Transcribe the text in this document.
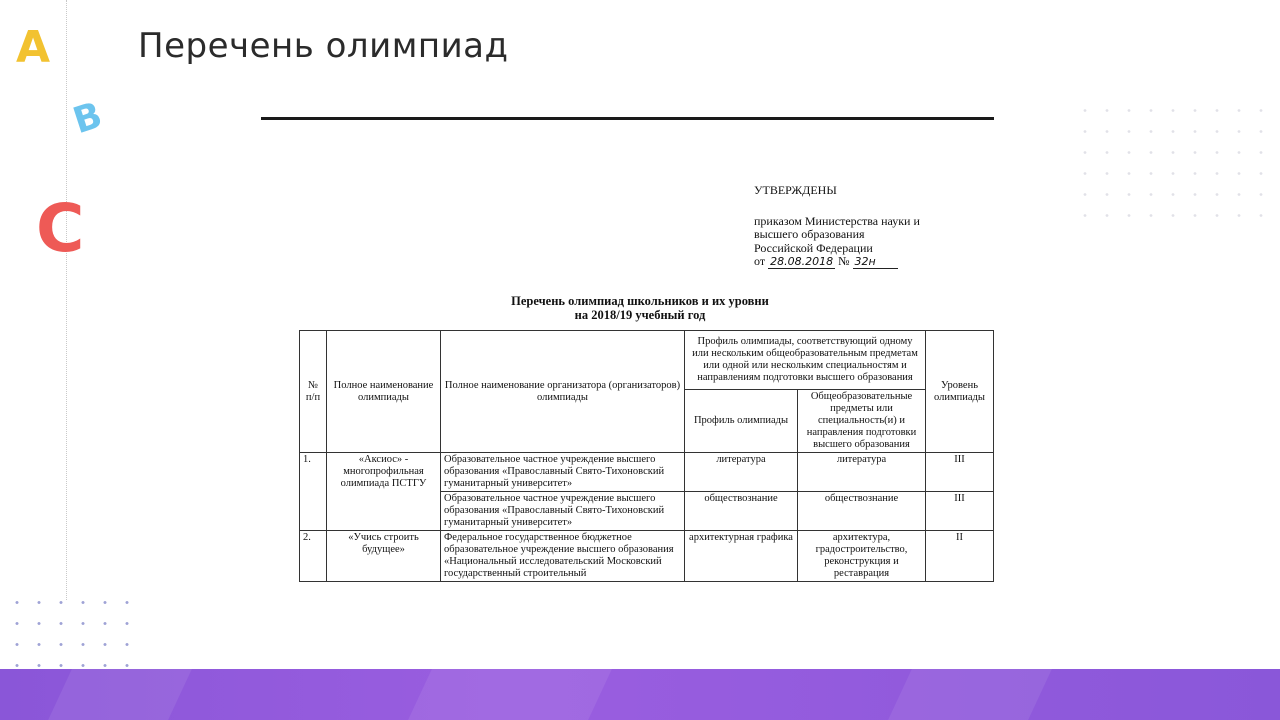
A
B
C
Перечень олимпиад
УТВЕРЖДЕНЫ
приказом Министерства науки и
высшего образования
Российской Федерации
от 28.08.2018 № 32н
Перечень олимпиад школьников и их уровни
на 2018/19 учебный год
№ п/п	Полное наименование олимпиады	Полное наименование организатора (организаторов) олимпиады	Профиль олимпиады, соответствующий одному или нескольким общеобразовательным предметам или одной или нескольким специальностям и направлениям подготовки высшего образования		Уровень олимпиады
			Профиль олимпиады	Общеобразовательные предметы или специальность(и) и направления подготовки высшего образования	
1.	«Аксиос» - многопрофильная олимпиада ПСТГУ	Образовательное частное учреждение высшего образования «Православный Свято-Тихоновский гуманитарный университет»	литература	литература	III
		Образовательное частное учреждение высшего образования «Православный Свято-Тихоновский гуманитарный университет»	обществознание	обществознание	III
2.	«Учись строить будущее»	Федеральное государственное бюджетное образовательное учреждение высшего образования «Национальный исследовательский Московский государственный строительный	архитектурная графика	архитектура, градостроительство, реконструкция и реставрация	II
